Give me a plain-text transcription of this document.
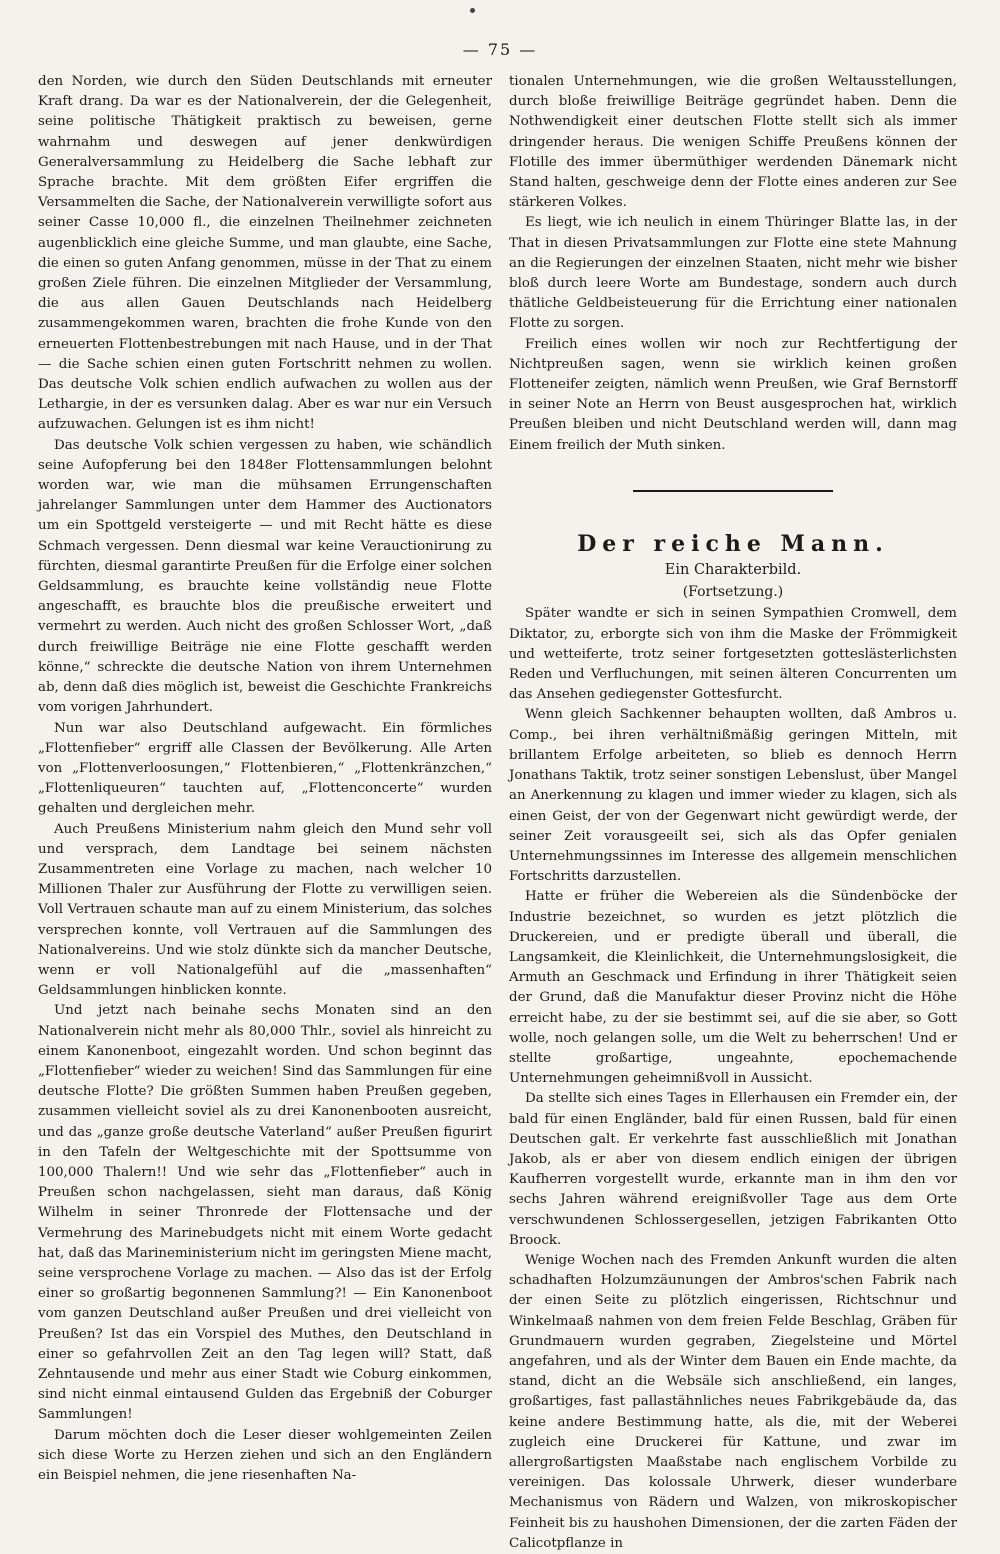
— 75 —

den Norden, wie durch den Süden Deutschlands mit erneuter Kraft drang. Da war es der Nationalverein, der die Gelegenheit, seine politische Thätigkeit praktisch zu beweisen, gerne wahrnahm und deswegen auf jener denkwürdigen Generalversammlung zu Heidelberg die Sache lebhaft zur Sprache brachte. Mit dem größten Eifer ergriffen die Versammelten die Sache, der Nationalverein verwilligte sofort aus seiner Casse 10,000 fl., die einzelnen Theilnehmer zeichneten augenblicklich eine gleiche Summe, und man glaubte, eine Sache, die einen so guten Anfang genommen, müsse in der That zu einem großen Ziele führen. Die einzelnen Mitglieder der Versammlung, die aus allen Gauen Deutschlands nach Heidelberg zusammengekommen waren, brachten die frohe Kunde von den erneuerten Flottenbestrebungen mit nach Hause, und in der That — die Sache schien einen guten Fortschritt nehmen zu wollen. Das deutsche Volk schien endlich aufwachen zu wollen aus der Lethargie, in der es versunken dalag. Aber es war nur ein Versuch aufzuwachen. Gelungen ist es ihm nicht!

Das deutsche Volk schien vergessen zu haben, wie schändlich seine Aufopferung bei den 1848er Flottensammlungen belohnt worden war, wie man die mühsamen Errungenschaften jahrelanger Sammlungen unter dem Hammer des Auctionators um ein Spottgeld versteigerte — und mit Recht hätte es diese Schmach vergessen. Denn diesmal war keine Verauctionirung zu fürchten, diesmal garantirte Preußen für die Erfolge einer solchen Geldsammlung, es brauchte keine vollständig neue Flotte angeschafft, es brauchte blos die preußische erweitert und vermehrt zu werden. Auch nicht des großen Schlosser Wort, „daß durch freiwillige Beiträge nie eine Flotte geschafft werden könne,“ schreckte die deutsche Nation von ihrem Unternehmen ab, denn daß dies möglich ist, beweist die Geschichte Frankreichs vom vorigen Jahrhundert.

Nun war also Deutschland aufgewacht. Ein förmliches „Flottenfieber“ ergriff alle Classen der Bevölkerung. Alle Arten von „Flottenverloosungen,“ Flottenbieren,“ „Flottenkränzchen,“ „Flottenliqueuren“ tauchten auf, „Flottenconcerte“ wurden gehalten und dergleichen mehr.

Auch Preußens Ministerium nahm gleich den Mund sehr voll und versprach, dem Landtage bei seinem nächsten Zusammentreten eine Vorlage zu machen, nach welcher 10 Millionen Thaler zur Ausführung der Flotte zu verwilligen seien. Voll Vertrauen schaute man auf zu einem Ministerium, das solches versprechen konnte, voll Vertrauen auf die Sammlungen des Nationalvereins. Und wie stolz dünkte sich da mancher Deutsche, wenn er voll Nationalgefühl auf die „massenhaften“ Geldsammlungen hinblicken konnte.

Und jetzt nach beinahe sechs Monaten sind an den Nationalverein nicht mehr als 80,000 Thlr., soviel als hinreicht zu einem Kanonenboot, eingezahlt worden. Und schon beginnt das „Flottenfieber“ wieder zu weichen! Sind das Sammlungen für eine deutsche Flotte? Die größten Summen haben Preußen gegeben, zusammen vielleicht soviel als zu drei Kanonenbooten ausreicht, und das „ganze große deutsche Vaterland“ außer Preußen figurirt in den Tafeln der Weltgeschichte mit der Spottsumme von 100,000 Thalern!! Und wie sehr das „Flottenfieber“ auch in Preußen schon nachgelassen, sieht man daraus, daß König Wilhelm in seiner Thronrede der Flottensache und der Vermehrung des Marinebudgets nicht mit einem Worte gedacht hat, daß das Marineministerium nicht im geringsten Miene macht, seine versprochene Vorlage zu machen. — Also das ist der Erfolg einer so großartig begonnenen Sammlung?! — Ein Kanonenboot vom ganzen Deutschland außer Preußen und drei vielleicht von Preußen? Ist das ein Vorspiel des Muthes, den Deutschland in einer so gefahrvollen Zeit an den Tag legen will? Statt, daß Zehntausende und mehr aus einer Stadt wie Coburg einkommen, sind nicht einmal eintausend Gulden das Ergebniß der Coburger Sammlungen!

Darum möchten doch die Leser dieser wohlgemeinten Zeilen sich diese Worte zu Herzen ziehen und sich an den Engländern ein Beispiel nehmen, die jene riesenhaften Na-

tionalen Unternehmungen, wie die großen Weltausstellungen, durch bloße freiwillige Beiträge gegründet haben. Denn die Nothwendigkeit einer deutschen Flotte stellt sich als immer dringender heraus. Die wenigen Schiffe Preußens können der Flotille des immer übermüthiger werdenden Dänemark nicht Stand halten, geschweige denn der Flotte eines anderen zur See stärkeren Volkes.

Es liegt, wie ich neulich in einem Thüringer Blatte las, in der That in diesen Privatsammlungen zur Flotte eine stete Mahnung an die Regierungen der einzelnen Staaten, nicht mehr wie bisher bloß durch leere Worte am Bundestage, sondern auch durch thätliche Geldbeisteuerung für die Errichtung einer nationalen Flotte zu sorgen.

Freilich eines wollen wir noch zur Rechtfertigung der Nichtpreußen sagen, wenn sie wirklich keinen großen Flotteneifer zeigten, nämlich wenn Preußen, wie Graf Bernstorff in seiner Note an Herrn von Beust ausgesprochen hat, wirklich Preußen bleiben und nicht Deutschland werden will, dann mag Einem freilich der Muth sinken.

Der reiche Mann.
Ein Charakterbild.
(Fortsetzung.)

Später wandte er sich in seinen Sympathien Cromwell, dem Diktator, zu, erborgte sich von ihm die Maske der Frömmigkeit und wetteiferte, trotz seiner fortgesetzten gotteslästerlichsten Reden und Verfluchungen, mit seinen älteren Concurrenten um das Ansehen gediegenster Gottesfurcht.

Wenn gleich Sachkenner behaupten wollten, daß Ambros u. Comp., bei ihren verhältnißmäßig geringen Mitteln, mit brillantem Erfolge arbeiteten, so blieb es dennoch Herrn Jonathans Taktik, trotz seiner sonstigen Lebenslust, über Mangel an Anerkennung zu klagen und immer wieder zu klagen, sich als einen Geist, der von der Gegenwart nicht gewürdigt werde, der seiner Zeit vorausgeeilt sei, sich als das Opfer genialen Unternehmungssinnes im Interesse des allgemein menschlichen Fortschritts darzustellen.

Hatte er früher die Webereien als die Sündenböcke der Industrie bezeichnet, so wurden es jetzt plötzlich die Druckereien, und er predigte überall und überall, die Langsamkeit, die Kleinlichkeit, die Unternehmungslosigkeit, die Armuth an Geschmack und Erfindung in ihrer Thätigkeit seien der Grund, daß die Manufaktur dieser Provinz nicht die Höhe erreicht habe, zu der sie bestimmt sei, auf die sie aber, so Gott wolle, noch gelangen solle, um die Welt zu beherrschen! Und er stellte großartige, ungeahnte, epochemachende Unternehmungen geheimnißvoll in Aussicht.

Da stellte sich eines Tages in Ellerhausen ein Fremder ein, der bald für einen Engländer, bald für einen Russen, bald für einen Deutschen galt. Er verkehrte fast ausschließlich mit Jonathan Jakob, als er aber von diesem endlich einigen der übrigen Kaufherren vorgestellt wurde, erkannte man in ihm den vor sechs Jahren während ereignißvoller Tage aus dem Orte verschwundenen Schlossergesellen, jetzigen Fabrikanten Otto Broock.

Wenige Wochen nach des Fremden Ankunft wurden die alten schadhaften Holzumzäunungen der Ambros'schen Fabrik nach der einen Seite zu plötzlich eingerissen, Richtschnur und Winkelmaaß nahmen von dem freien Felde Beschlag, Gräben für Grundmauern wurden gegraben, Ziegelsteine und Mörtel angefahren, und als der Winter dem Bauen ein Ende machte, da stand, dicht an die Websäle sich anschließend, ein langes, großartiges, fast pallastähnliches neues Fabrikgebäude da, das keine andere Bestimmung hatte, als die, mit der Weberei zugleich eine Druckerei für Kattune, und zwar im allergroßartigsten Maaßstabe nach englischem Vorbilde zu vereinigen. Das kolossale Uhrwerk, dieser wunderbare Mechanismus von Rädern und Walzen, von mikroskopischer Feinheit bis zu haushohen Dimensionen, der die zarten Fäden der Calicotpflanze in
